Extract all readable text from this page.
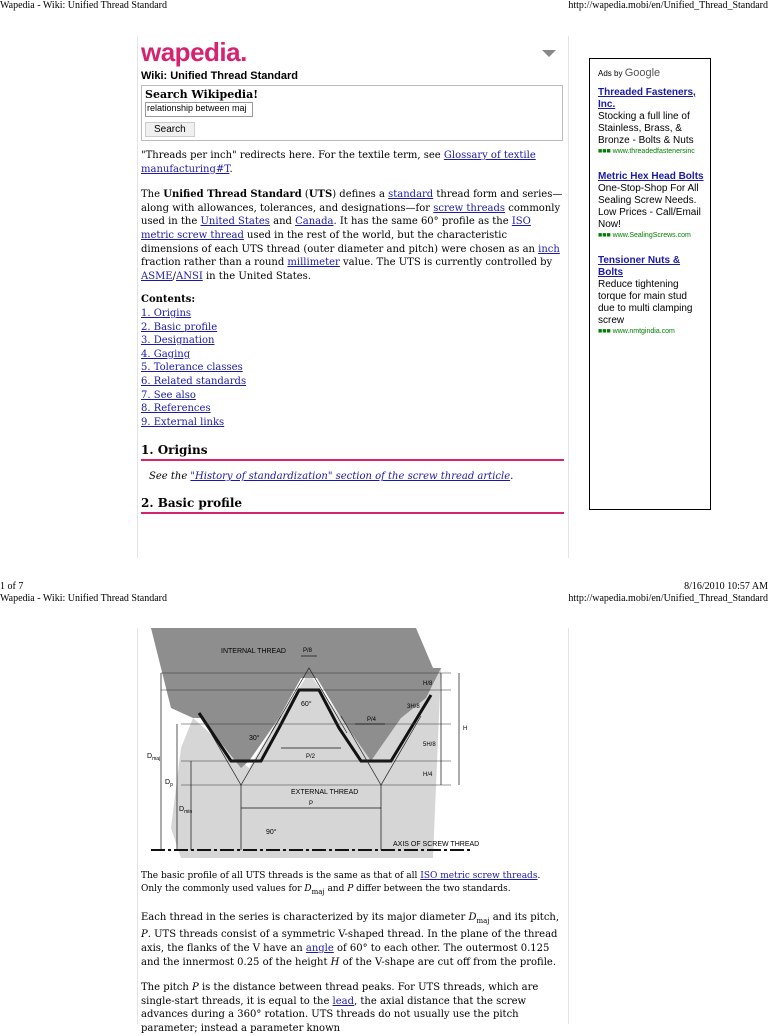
Wapedia - Wiki: Unified Thread Standard	http://wapedia.mobi/en/Unified_Thread_Standard
1 of 7	8/16/2010 10:57 AM
Wapedia - Wiki: Unified Thread Standard	http://wapedia.mobi/en/Unified_Thread_Standard
wapedia.
Wiki: Unified Thread Standard
Search Wikipedia!
relationship between maj
Search

"Threads per inch" redirects here. For the textile term, see Glossary of textile manufacturing#T.

The Unified Thread Standard (UTS) defines a standard thread form and series—along with allowances, tolerances, and designations—for screw threads commonly used in the United States and Canada. It has the same 60° profile as the ISO metric screw thread used in the rest of the world, but the characteristic dimensions of each UTS thread (outer diameter and pitch) were chosen as an inch fraction rather than a round millimeter value. The UTS is currently controlled by ASME/ANSI in the United States.

Contents:
1. Origins
2. Basic profile
3. Designation
4. Gaging
5. Tolerance classes
6. Related standards
7. See also
8. References
9. External links
1. Origins
See the "History of standardization" section of the screw thread article.
2. Basic profile
Ads by Google
Threaded Fasteners, Inc.
Stocking a full line of Stainless, Brass, & Bronze - Bolts & Nuts
■■■ www.threadedfastenersinc
Metric Hex Head Bolts
One-Stop-Shop For All Sealing Screw Needs. Low Prices - Call/Email Now!
■■■ www.SealingScrews.com
Tensioner Nuts & Bolts
Reduce tightening torque for main stud due to multi clamping screw
■■■ www.nmtgindia.com
INTERNAL THREAD
EXTERNAL THREAD
AXIS OF SCREW THREAD
P/8
P/4
P/2
P
60°
30°
90°
H/8
3H/8
5H/8
H/4
H
$D_{maj}$
$D_p$
$D_{min}$

The basic profile of all UTS threads is the same as that of all ISO metric screw threads. Only the commonly used values for $D_{maj}$ and P differ between the two standards.

Each thread in the series is characterized by its major diameter $D_{maj}$ and its pitch, P. UTS threads consist of a symmetric V-shaped thread. In the plane of the thread axis, the flanks of the V have an angle of 60° to each other. The outermost 0.125 and the innermost 0.25 of the height H of the V-shape are cut off from the profile.

The pitch P is the distance between thread peaks. For UTS threads, which are single-start threads, it is equal to the lead, the axial distance that the screw advances during a 360° rotation. UTS threads do not usually use the pitch parameter; instead a parameter known
